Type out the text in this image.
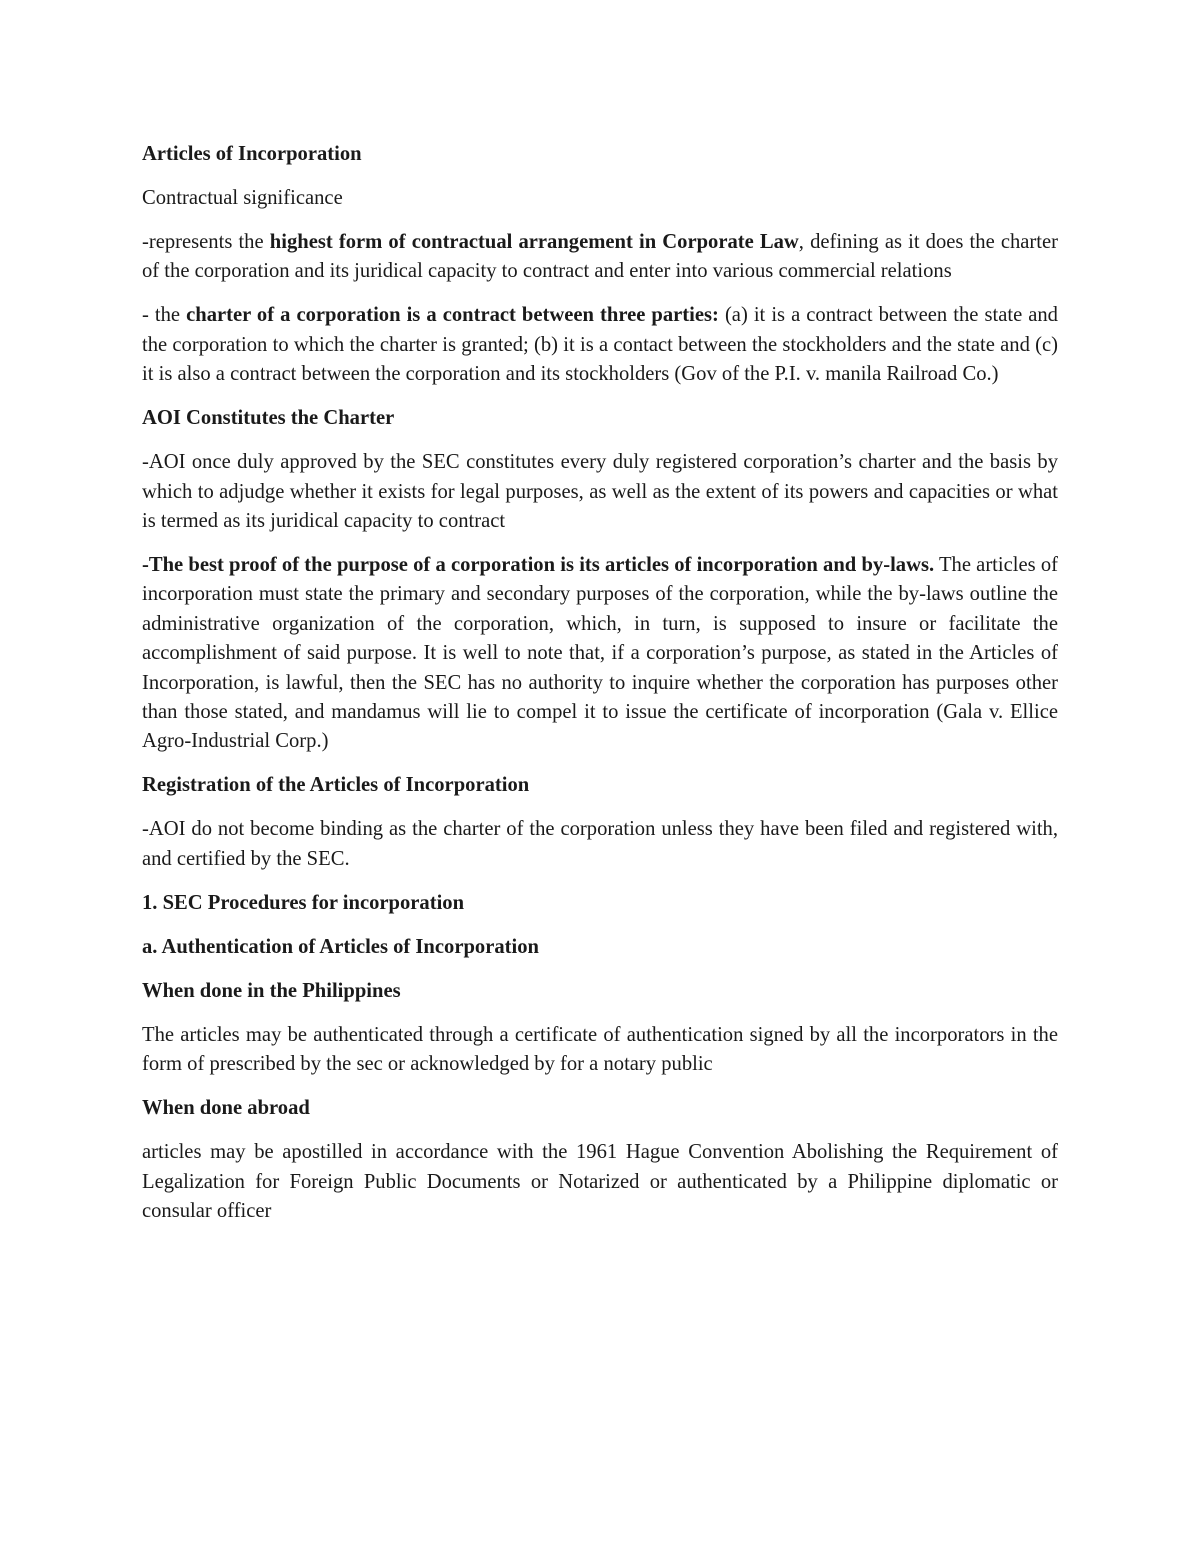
Articles of Incorporation

Contractual significance

-represents the highest form of contractual arrangement in Corporate Law, defining as it does the charter of the corporation and its juridical capacity to contract and enter into various commercial relations

- the charter of a corporation is a contract between three parties: (a) it is a contract between the state and the corporation to which the charter is granted; (b) it is a contact between the stockholders and the state and (c) it is also a contract between the corporation and its stockholders (Gov of the P.I. v. manila Railroad Co.)

AOI Constitutes the Charter

-AOI once duly approved by the SEC constitutes every duly registered corporation’s charter and the basis by which to adjudge whether it exists for legal purposes, as well as the extent of its powers and capacities or what is termed as its juridical capacity to contract

-The best proof of the purpose of a corporation is its articles of incorporation and by-laws. The articles of incorporation must state the primary and secondary purposes of the corporation, while the by-laws outline the administrative organization of the corporation, which, in turn, is supposed to insure or facilitate the accomplishment of said purpose. It is well to note that, if a corporation’s purpose, as stated in the Articles of Incorporation, is lawful, then the SEC has no authority to inquire whether the corporation has purposes other than those stated, and mandamus will lie to compel it to issue the certificate of incorporation (Gala v. Ellice Agro-Industrial Corp.)

Registration of the Articles of Incorporation

-AOI do not become binding as the charter of the corporation unless they have been filed and registered with, and certified by the SEC.

1. SEC Procedures for incorporation

a. Authentication of Articles of Incorporation

When done in the Philippines

The articles may be authenticated through a certificate of authentication signed by all the incorporators in the form of prescribed by the sec or acknowledged by for a notary public

When done abroad

articles may be apostilled in accordance with the 1961 Hague Convention Abolishing the Requirement of Legalization for Foreign Public Documents or Notarized or authenticated by a Philippine diplomatic or consular officer
